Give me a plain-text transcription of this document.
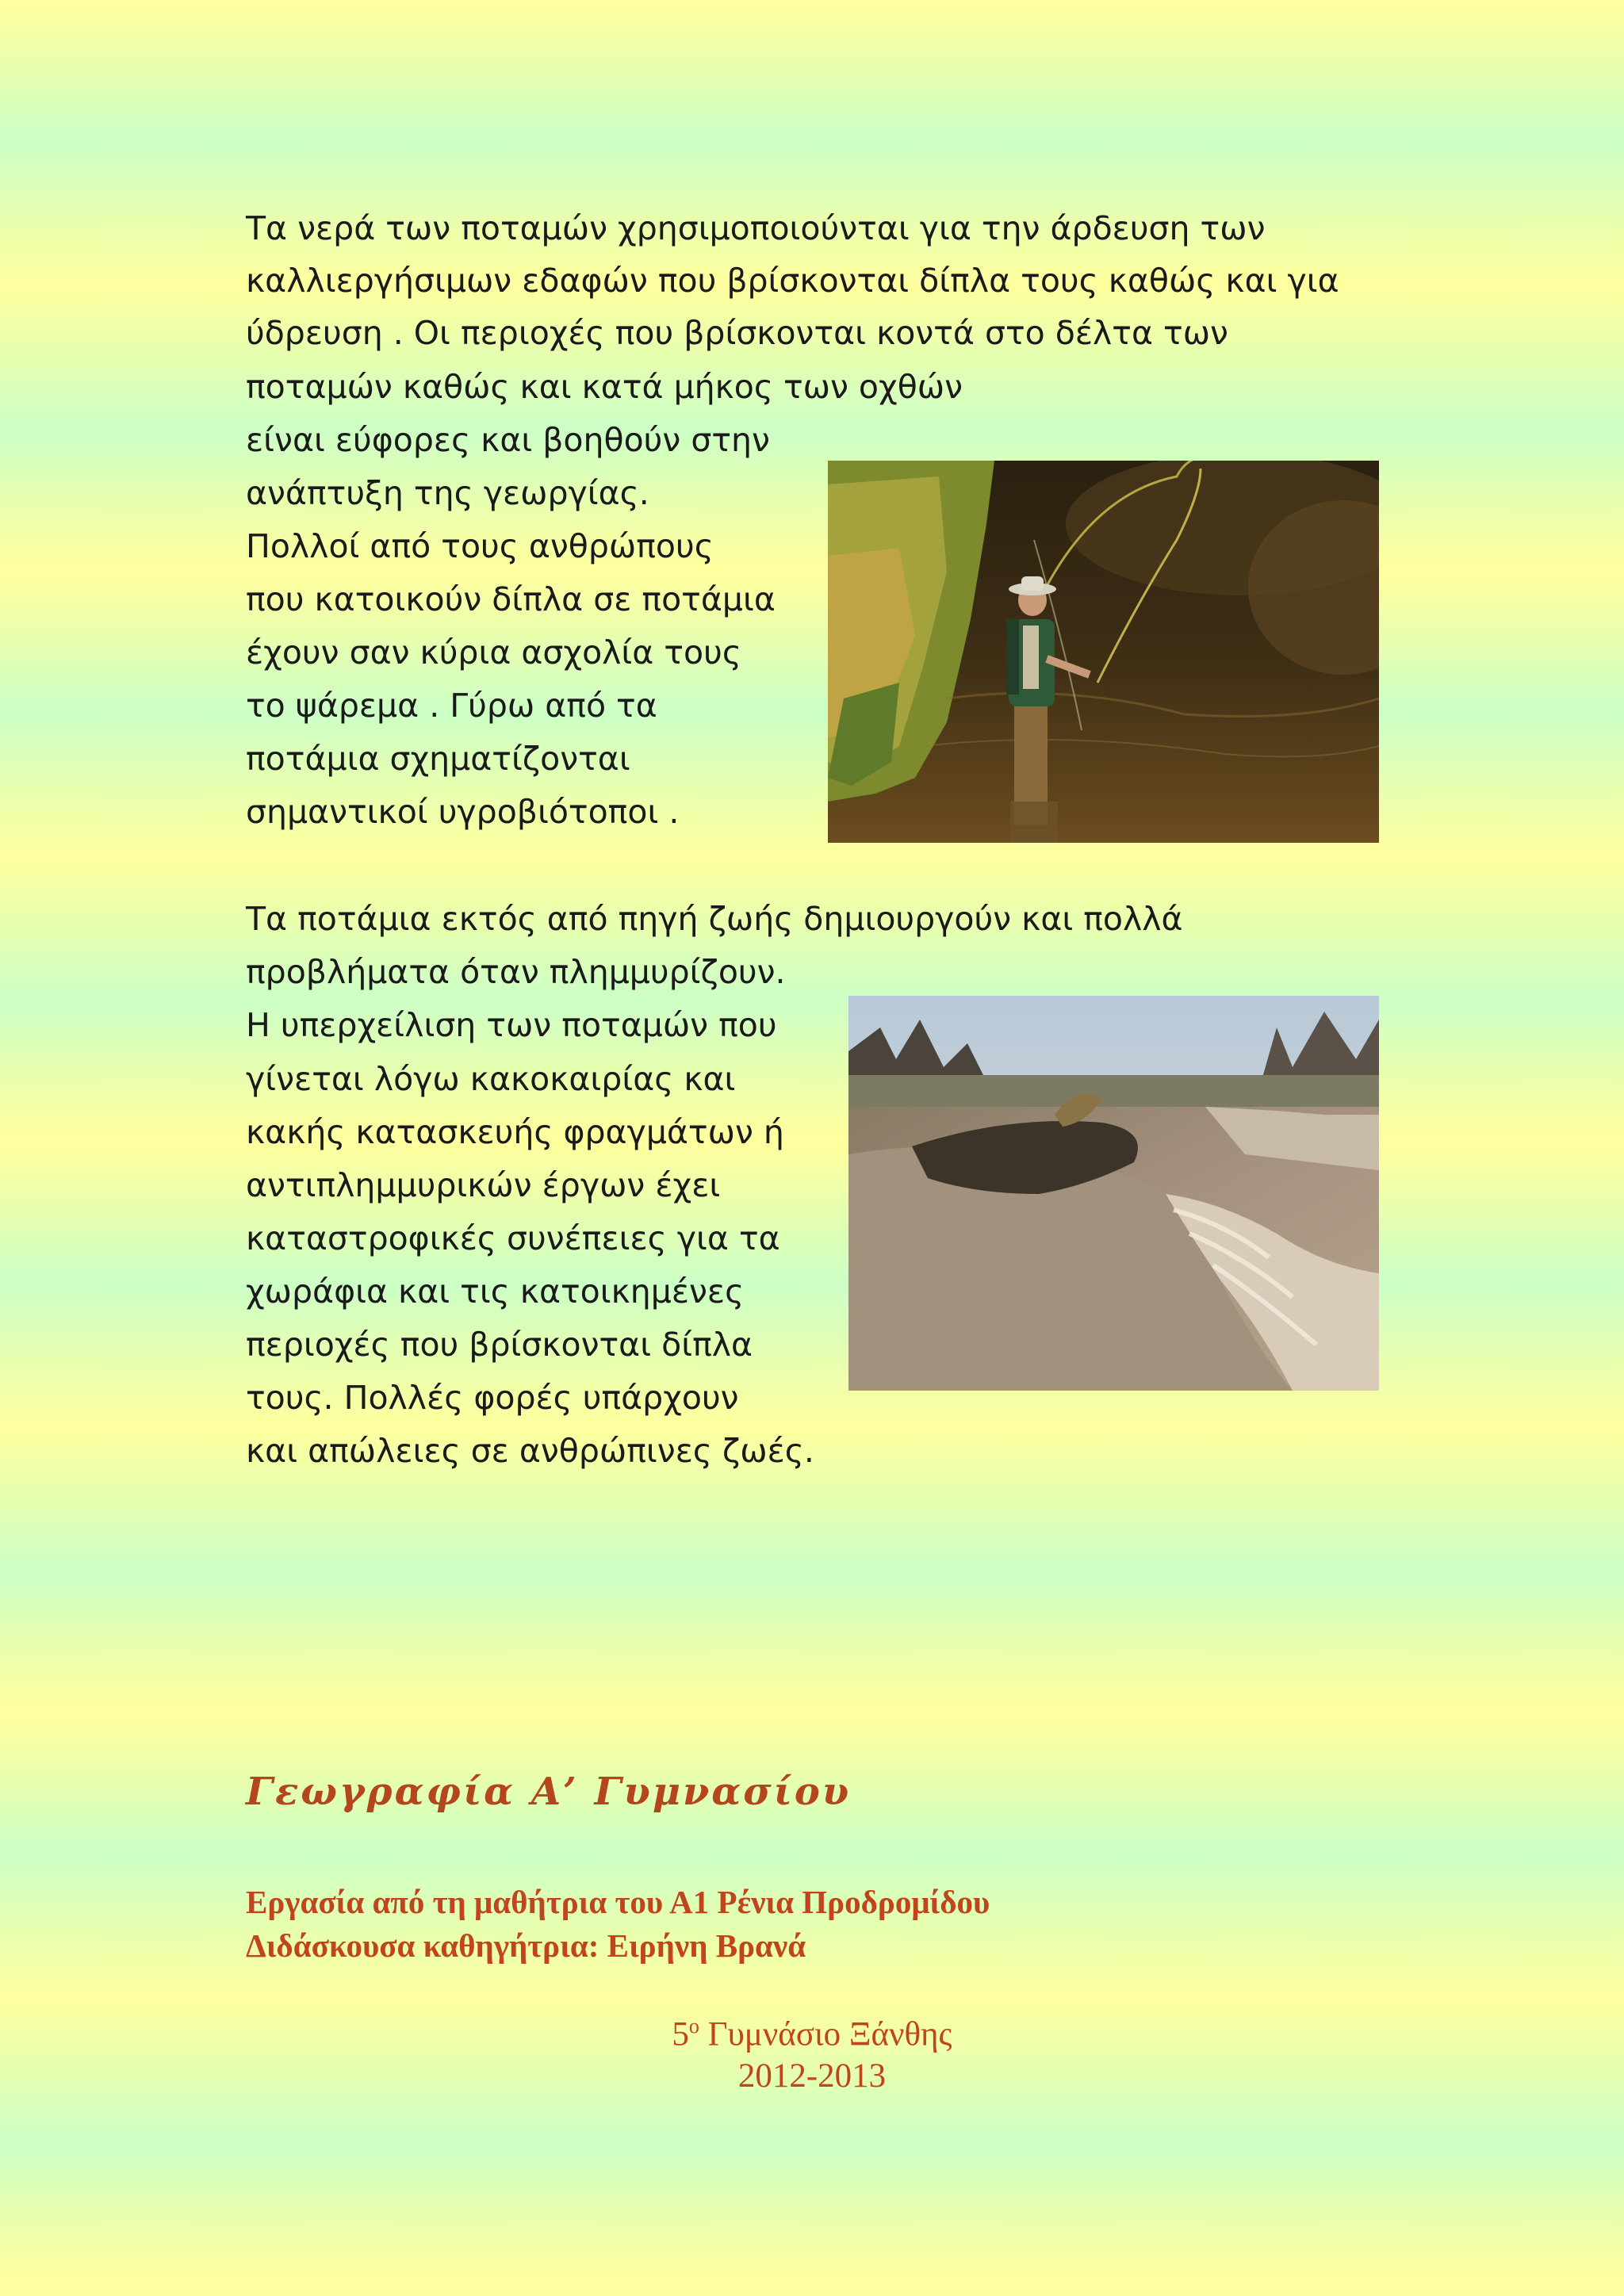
Τα νερά των ποταμών χρησιμοποιούνται για την άρδευση των

καλλιεργήσιμων εδαφών που βρίσκονται δίπλα τους καθώς και για

ύδρευση . Οι περιοχές που βρίσκονται κοντά στο δέλτα των

ποταμών καθώς και κατά μήκος των οχθών

είναι εύφορες και βοηθούν στην

ανάπτυξη της γεωργίας.

Πολλοί από τους ανθρώπους

που κατοικούν δίπλα σε ποτάμια

έχουν σαν κύρια ασχολία τους

το ψάρεμα . Γύρω από τα

ποτάμια σχηματίζονται

σημαντικοί υγροβιότοποι .

Τα ποτάμια εκτός από πηγή ζωής δημιουργούν και πολλά

προβλήματα όταν πλημμυρίζουν.

Η υπερχείλιση των ποταμών που

γίνεται λόγω κακοκαιρίας και

κακής κατασκευής φραγμάτων ή

αντιπλημμυρικών έργων έχει

καταστροφικές συνέπειες για τα

χωράφια και τις κατοικημένες

περιοχές που βρίσκονται δίπλα

τους. Πολλές φορές υπάρχουν

και απώλειες σε ανθρώπινες ζωές.

Γεωγραφία Α’ Γυμνασίου

Εργασία από τη μαθήτρια του Α1 Ρένια Προδρομίδου

Διδάσκουσα καθηγήτρια: Ειρήνη Βρανά

$5^o$ Γυμνάσιο Ξάνθης

2012-2013
